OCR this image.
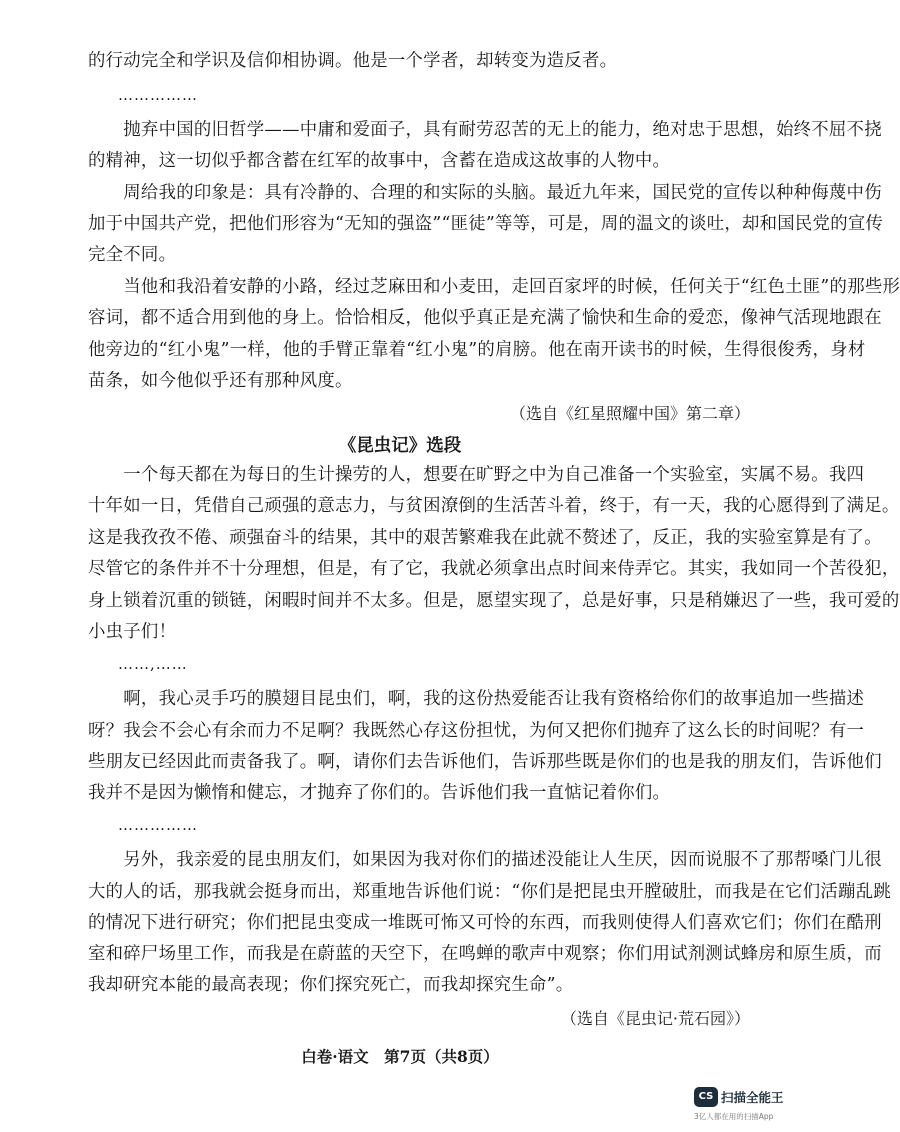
的行动完全和学识及信仰相协调。他是一个学者，却转变为造反者。
……………
　　抛弃中国的旧哲学——中庸和爱面子，具有耐劳忍苦的无上的能力，绝对忠于思想，始终不屈不挠
的精神，这一切似乎都含蓄在红军的故事中，含蓄在造成这故事的人物中。
　　周给我的印象是：具有冷静的、合理的和实际的头脑。最近九年来，国民党的宣传以种种侮蔑中伤
加于中国共产党，把他们形容为“无知的强盗”“匪徒”等等，可是，周的温文的谈吐，却和国民党的宣传
完全不同。
　　当他和我沿着安静的小路，经过芝麻田和小麦田，走回百家坪的时候，任何关于“红色土匪”的那些形
容词，都不适合用到他的身上。恰恰相反，他似乎真正是充满了愉快和生命的爱恋，像神气活现地跟在
他旁边的“红小鬼”一样，他的手臂正靠着“红小鬼”的肩膀。他在南开读书的时候，生得很俊秀，身材
苗条，如今他似乎还有那种风度。
（选自《红星照耀中国》第二章）
《昆虫记》选段
　　一个每天都在为每日的生计操劳的人，想要在旷野之中为自己准备一个实验室，实属不易。我四
十年如一日，凭借自己顽强的意志力，与贫困潦倒的生活苦斗着，终于，有一天，我的心愿得到了满足。
这是我孜孜不倦、顽强奋斗的结果，其中的艰苦繁难我在此就不赘述了，反正，我的实验室算是有了。
尽管它的条件并不十分理想，但是，有了它，我就必须拿出点时间来侍弄它。其实，我如同一个苦役犯，
身上锁着沉重的锁链，闲暇时间并不太多。但是，愿望实现了，总是好事，只是稍嫌迟了一些，我可爱的
小虫子们！
……,……
　　啊，我心灵手巧的膜翅目昆虫们，啊，我的这份热爱能否让我有资格给你们的故事追加一些描述
呀？我会不会心有余而力不足啊？我既然心存这份担忧，为何又把你们抛弃了这么长的时间呢？有一
些朋友已经因此而责备我了。啊，请你们去告诉他们，告诉那些既是你们的也是我的朋友们，告诉他们
我并不是因为懒惰和健忘，才抛弃了你们的。告诉他们我一直惦记着你们。
……………
　　另外，我亲爱的昆虫朋友们，如果因为我对你们的描述没能让人生厌，因而说服不了那帮嗓门儿很
大的人的话，那我就会挺身而出，郑重地告诉他们说：“你们是把昆虫开膛破肚，而我是在它们活蹦乱跳
的情况下进行研究；你们把昆虫变成一堆既可怖又可怜的东西，而我则使得人们喜欢它们；你们在酷刑
室和碎尸场里工作，而我是在蔚蓝的天空下，在鸣蝉的歌声中观察；你们用试剂测试蜂房和原生质，而
我却研究本能的最高表现；你们探究死亡，而我却探究生命”。
（选自《昆虫记·荒石园》）
白卷·语文　第7页（共8页）
CS 扫描全能王
3亿人都在用的扫描App
